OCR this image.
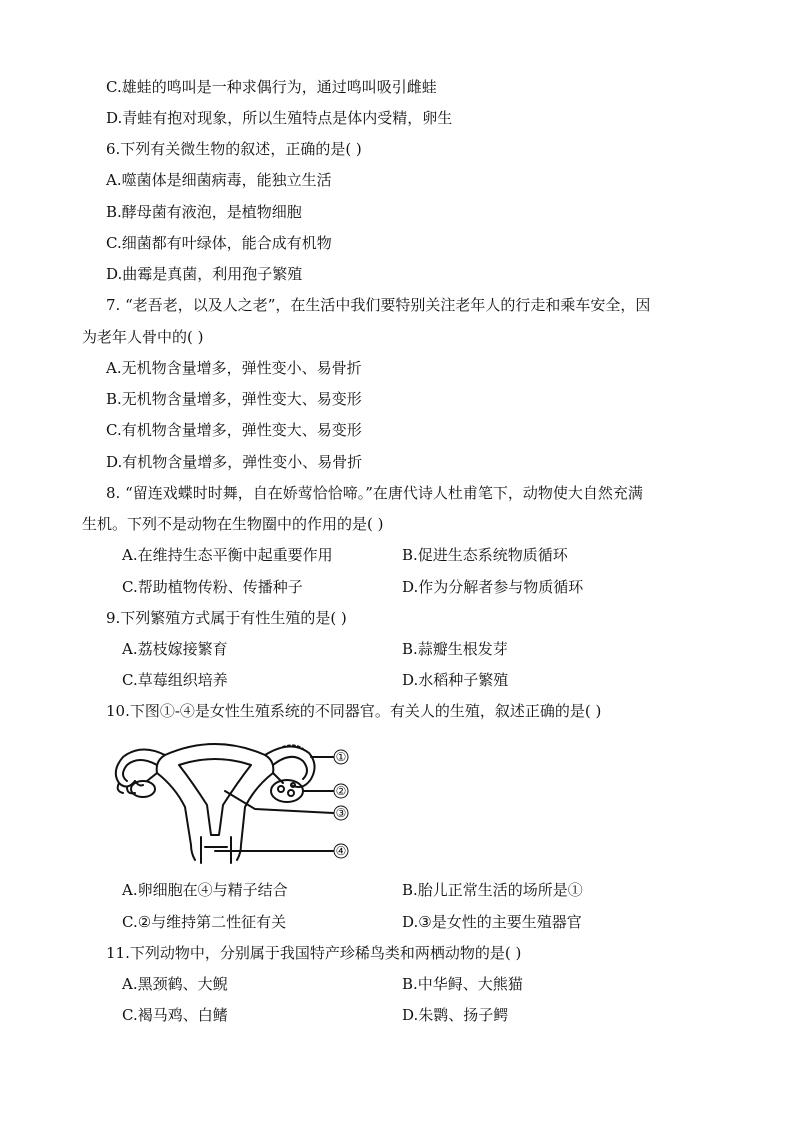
C.雄蛙的鸣叫是一种求偶行为，通过鸣叫吸引雌蛙
D.青蛙有抱对现象，所以生殖特点是体内受精，卵生
6.下列有关微生物的叙述，正确的是( )
A.噬菌体是细菌病毒，能独立生活
B.酵母菌有液泡，是植物细胞
C.细菌都有叶绿体，能合成有机物
D.曲霉是真菌，利用孢子繁殖
7. “老吾老，以及人之老”，在生活中我们要特别关注老年人的行走和乘车安全，因
为老年人骨中的( )
A.无机物含量增多，弹性变小、易骨折
B.无机物含量增多，弹性变大、易变形
C.有机物含量增多，弹性变大、易变形
D.有机物含量增多，弹性变小、易骨折
8. “留连戏蝶时时舞，自在娇莺恰恰啼。”在唐代诗人杜甫笔下，动物使大自然充满
生机。下列不是动物在生物圈中的作用的是( )
A.在维持生态平衡中起重要作用	B.促进生态系统物质循环
C.帮助植物传粉、传播种子	D.作为分解者参与物质循环
9.下列繁殖方式属于有性生殖的是( )
A.荔枝嫁接繁育	B.蒜瓣生根发芽
C.草莓组织培养	D.水稻种子繁殖
10.下图①-④是女性生殖系统的不同器官。有关人的生殖，叙述正确的是( )
①
②
③
④
A.卵细胞在④与精子结合	B.胎儿正常生活的场所是①
C.②与维持第二性征有关	D.③是女性的主要生殖器官
11.下列动物中，分别属于我国特产珍稀鸟类和两栖动物的是( )
A.黑颈鹤、大鲵	B.中华鲟、大熊猫
C.褐马鸡、白鳍	D.朱鹮、扬子鳄
